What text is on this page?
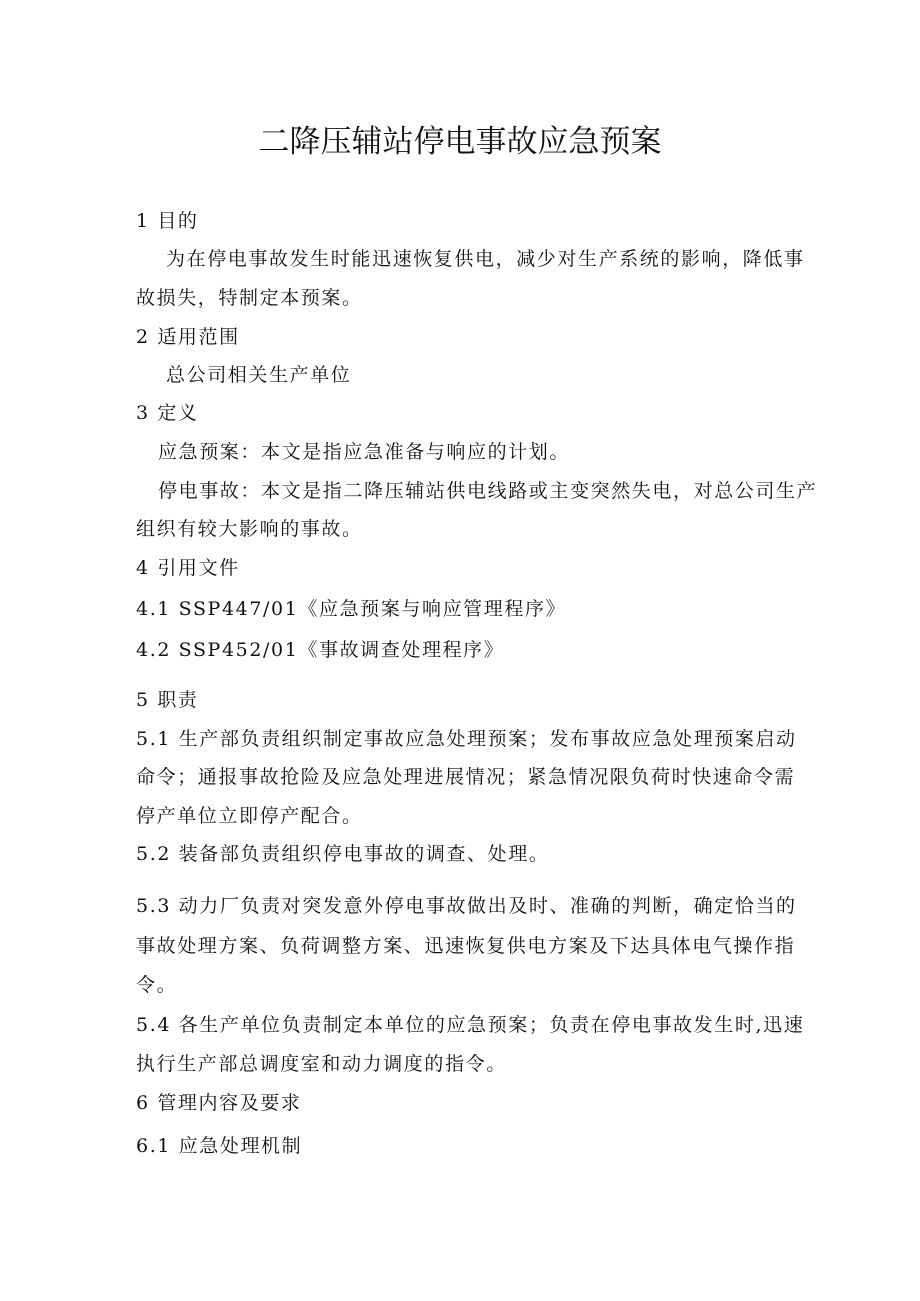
二降压辅站停电事故应急预案
1 目的
为在停电事故发生时能迅速恢复供电，减少对生产系统的影响，降低事
故损失，特制定本预案。
2 适用范围
总公司相关生产单位
3 定义
应急预案：本文是指应急准备与响应的计划。
停电事故：本文是指二降压辅站供电线路或主变突然失电，对总公司生产
组织有较大影响的事故。
4 引用文件
4.1 SSP447/01《应急预案与响应管理程序》
4.2 SSP452/01《事故调查处理程序》
5 职责
5.1 生产部负责组织制定事故应急处理预案；发布事故应急处理预案启动
命令；通报事故抢险及应急处理进展情况；紧急情况限负荷时快速命令需
停产单位立即停产配合。
5.2 装备部负责组织停电事故的调查、处理。
5.3 动力厂负责对突发意外停电事故做出及时、准确的判断，确定恰当的
事故处理方案、负荷调整方案、迅速恢复供电方案及下达具体电气操作指
令。
5.4 各生产单位负责制定本单位的应急预案；负责在停电事故发生时,迅速
执行生产部总调度室和动力调度的指令。
6 管理内容及要求
6.1 应急处理机制
